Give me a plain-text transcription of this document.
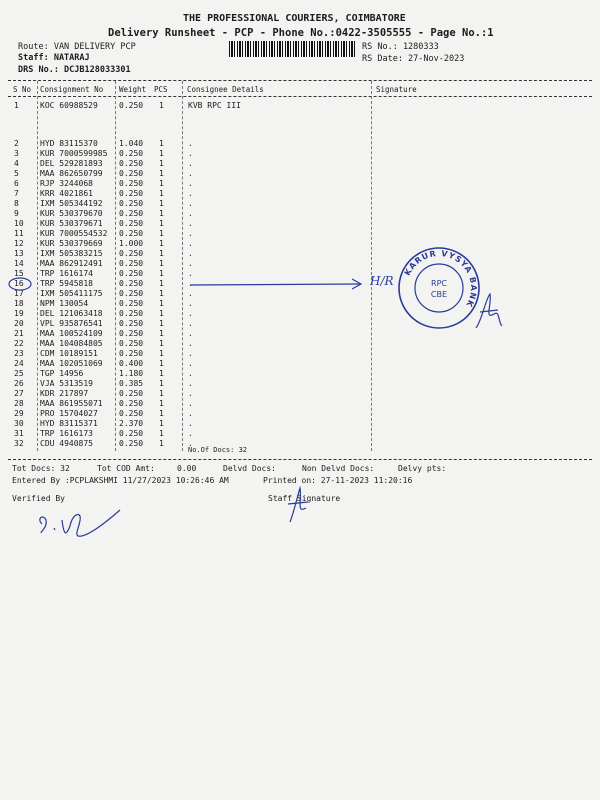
THE PROFESSIONAL COURIERS, COIMBATORE
Delivery Runsheet - PCP - Phone No.:0422-3505555 - Page No.:1
Route: VAN DELIVERY PCP
Staff: NATARAJ
DRS No.: DCJB128033301
RS No.: 1280333
RS Date: 27-Nov-2023
S No Consignment No Weight PCS	Consignee Details	Signature
1	KOC 60988529	0.250 1	KVB RPC III
2	HYD 83115370	1.040 1	.
3	KUR 7000599985 0.250 1	.
4	DEL 529281893 0.250 1	.
5	MAA 862650799 0.250 1	.
6	RJP 3244068	0.250 1	.
7	KRR 4021861	0.250 1	.
8	IXM 505344192 0.250 1	.
9	KUR 530379670 0.250 1	.
10 KUR 530379671 0.250 1	.
11 KUR 7000554532 0.250 1	.
12 KUR 530379669 1.000 1	.
13 IXM 505383215 0.250 1	.
14 MAA 862912491 0.250 1	.
15 TRP 1616174	0.250 1	.
16 TRP 5945818	0.250 1	.
17 IXM 505411175 0.250 1	.
18 NPM 130054	0.250 1	.
19 DEL 121063418 0.250 1	.
20 VPL 935876541 0.250 1	.
21 MAA 100524109 0.250 1	.
22 MAA 104084805 0.250 1	.
23 CDM 10189151	0.250 1	.
24 MAA 102051069 0.400 1	.
25 TGP 14956	1.180 1	.
26 VJA 5313519	0.385 1	.
27 KDR 217897	0.250 1	.
28 MAA 861955071 0.250 1	.
29 PRO 15704027	0.250 1	.
30 HYD 83115371	2.370 1	.
31 TRP 1616173	0.250 1	.
32 CDU 4940875	0.250 1	.
No.Of Docs: 32
Tot Docs: 32	Tot COD Amt:	0.00	Delvd Docs:	Non Delvd Docs:	Delvy pts:
Entered By :PCPLAKSHMI 11/27/2023 10:26:46 AM	Printed on: 27-11-2023 11:20:16
Verified By	Staff Signature
H/R
KARUR VYSYA BANK
RPC
CBE
